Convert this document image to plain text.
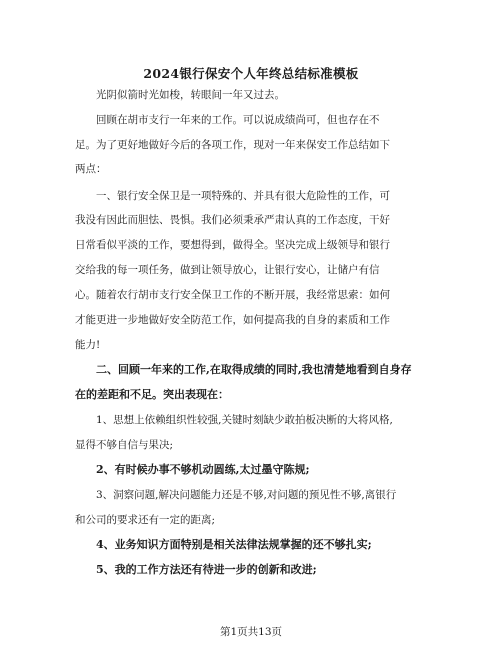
2024银行保安个人年终总结标准模板
光阴似箭时光如梭，转眼间一年又过去。
回顾在胡市支行一年来的工作。可以说成绩尚可，但也存在不
足。为了更好地做好今后的各项工作，现对一年来保安工作总结如下
两点：
一、银行安全保卫是一项特殊的、并具有很大危险性的工作，可
我没有因此而胆怯、畏惧。我们必须秉承严肃认真的工作态度，干好
日常看似平淡的工作，要想得到，做得全。坚决完成上级领导和银行
交给我的每一项任务，做到让领导放心，让银行安心，让储户有信
心。随着农行胡市支行安全保卫工作的不断开展，我经常思索：如何
才能更进一步地做好安全防范工作，如何提高我的自身的素质和工作
能力!
二、回顾一年来的工作,在取得成绩的同时,我也清楚地看到自身存
在的差距和不足。突出表现在：
1、思想上依赖组织性较强,关键时刻缺少敢拍板决断的大将风格,
显得不够自信与果决;
2、有时候办事不够机动圆练,太过墨守陈规;
3、洞察问题,解决问题能力还是不够,对问题的预见性不够,离银行
和公司的要求还有一定的距离;
4、业务知识方面特别是相关法律法规掌握的还不够扎实;
5、我的工作方法还有待进一步的创新和改进;
第1页共13页
